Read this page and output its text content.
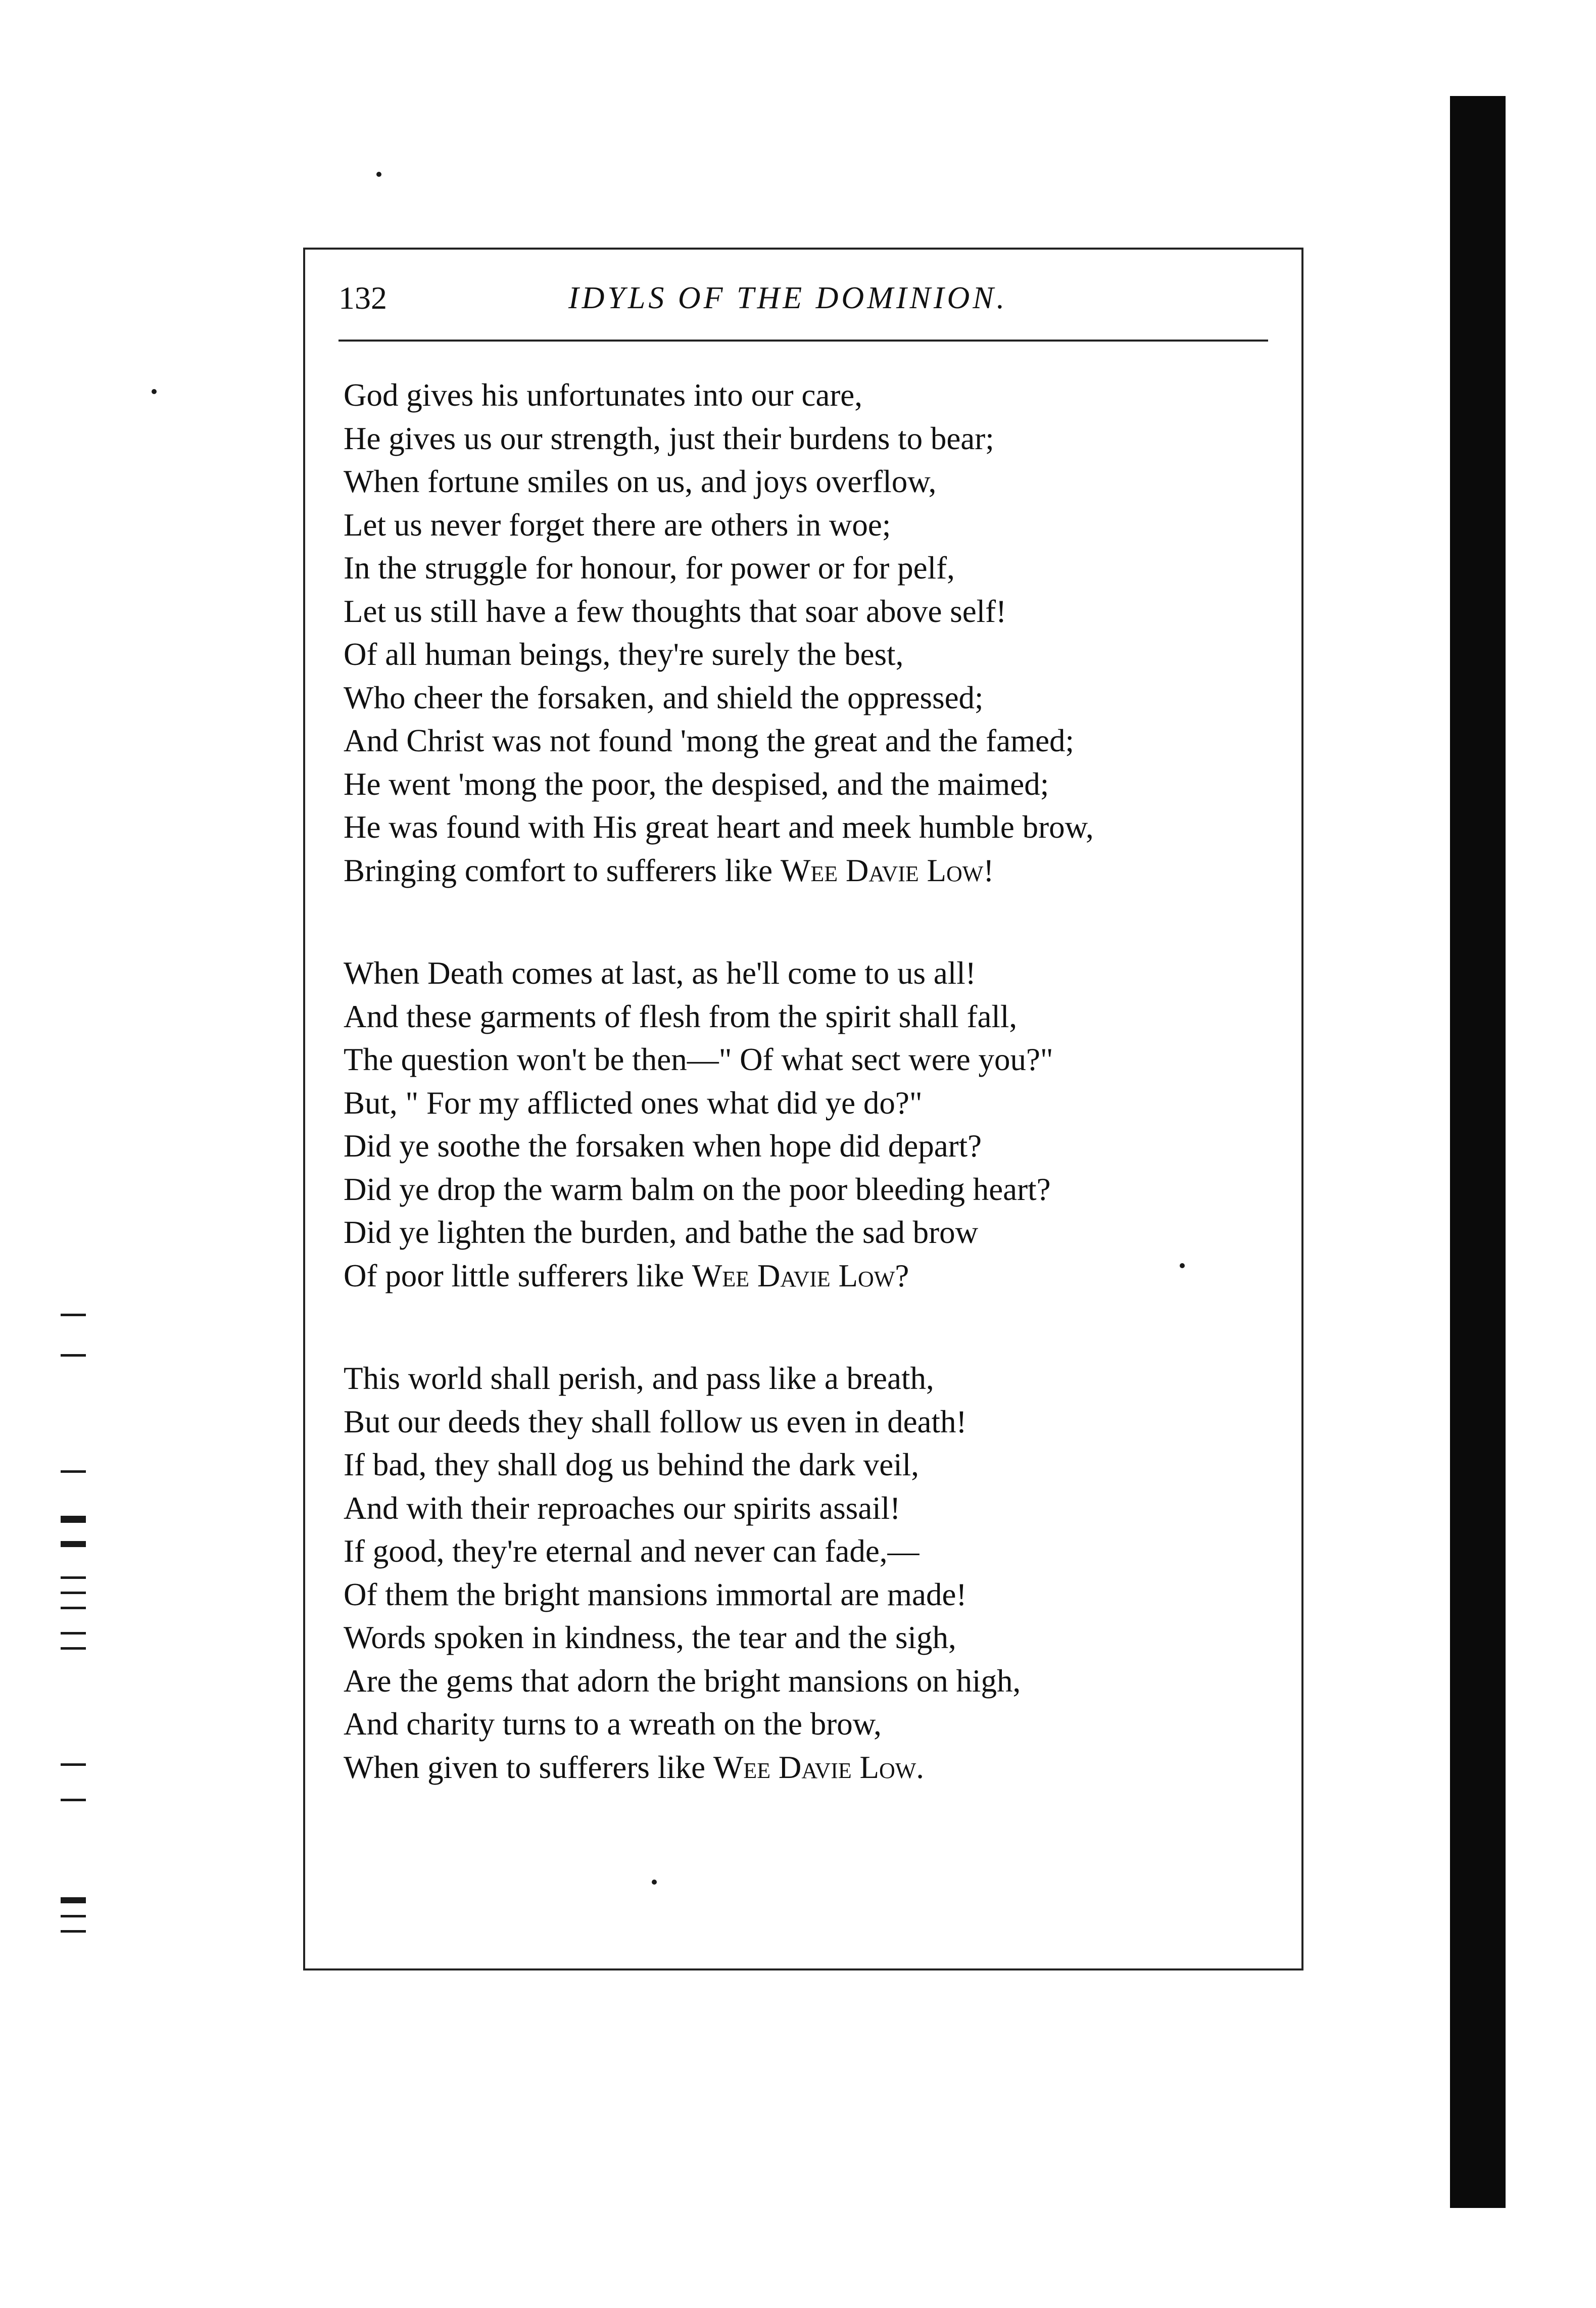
132	IDYLS OF THE DOMINION.
God gives his unfortunates into our care,
He gives us our strength, just their burdens to bear;
When fortune smiles on us, and joys overflow,
Let us never forget there are others in woe;
In the struggle for honour, for power or for pelf,
Let us still have a few thoughts that soar above self!
Of all human beings, they're surely the best,
Who cheer the forsaken, and shield the oppressed;
And Christ was not found 'mong the great and the famed;
He went 'mong the poor, the despised, and the maimed;
He was found with His great heart and meek humble brow,
Bringing comfort to sufferers like Wee Davie Low!
When Death comes at last, as he'll come to us all!
And these garments of flesh from the spirit shall fall,
The question won't be then—" Of what sect were you?"
But, " For my afflicted ones what did ye do?"
Did ye soothe the forsaken when hope did depart?
Did ye drop the warm balm on the poor bleeding heart?
Did ye lighten the burden, and bathe the sad brow
Of poor little sufferers like Wee Davie Low?
This world shall perish, and pass like a breath,
But our deeds they shall follow us even in death!
If bad, they shall dog us behind the dark veil,
And with their reproaches our spirits assail!
If good, they're eternal and never can fade,—
Of them the bright mansions immortal are made!
Words spoken in kindness, the tear and the sigh,
Are the gems that adorn the bright mansions on high,
And charity turns to a wreath on the brow,
When given to sufferers like Wee Davie Low.
